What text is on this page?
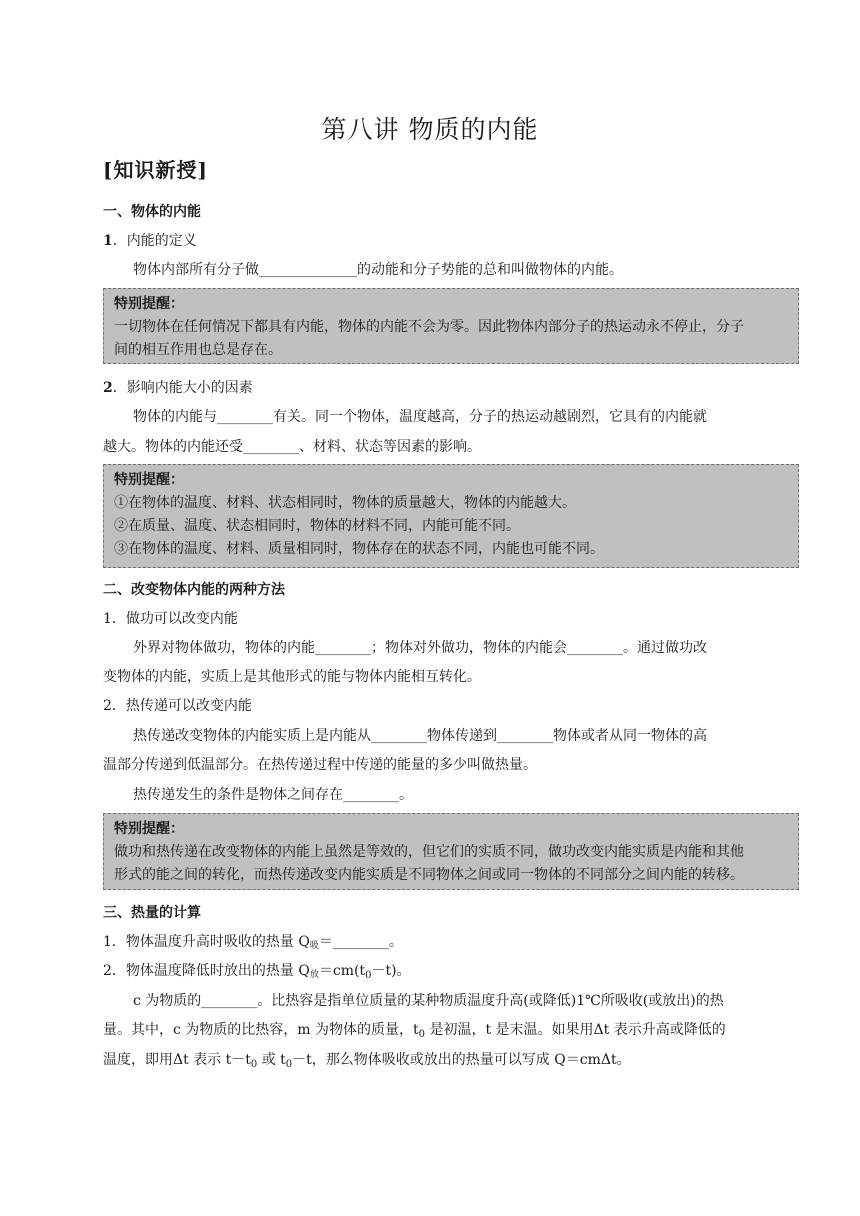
第八讲 物质的内能
[知识新授]
一、物体的内能
1．内能的定义
物体内部所有分子做______________的动能和分子势能的总和叫做物体的内能。
特别提醒：
一切物体在任何情况下都具有内能，物体的内能不会为零。因此物体内部分子的热运动永不停止，分子
间的相互作用也总是存在。
2．影响内能大小的因素
物体的内能与________有关。同一个物体，温度越高，分子的热运动越剧烈，它具有的内能就
越大。物体的内能还受________、材料、状态等因素的影响。
特别提醒：
①在物体的温度、材料、状态相同时，物体的质量越大，物体的内能越大。
②在质量、温度、状态相同时，物体的材料不同，内能可能不同。
③在物体的温度、材料、质量相同时，物体存在的状态不同，内能也可能不同。
二、改变物体内能的两种方法
1．做功可以改变内能
外界对物体做功，物体的内能________；物体对外做功，物体的内能会________。通过做功改
变物体的内能，实质上是其他形式的能与物体内能相互转化。
2．热传递可以改变内能
热传递改变物体的内能实质上是内能从________物体传递到________物体或者从同一物体的高
温部分传递到低温部分。在热传递过程中传递的能量的多少叫做热量。
热传递发生的条件是物体之间存在________。
特别提醒：
做功和热传递在改变物体的内能上虽然是等效的，但它们的实质不同，做功改变内能实质是内能和其他
形式的能之间的转化，而热传递改变内能实质是不同物体之间或同一物体的不同部分之间内能的转移。
三、热量的计算
1．物体温度升高时吸收的热量 $Q_吸=\_\_\_\_\_\_\_\_$。
2．物体温度降低时放出的热量 $Q_放=cm(t_0-t)$。
c 为物质的________。比热容是指单位质量的某种物质温度升高(或降低)1℃所吸收(或放出)的热
量。其中，c 为物质的比热容，m 为物体的质量，$t_0$ 是初温，t 是末温。如果用Δt 表示升高或降低的
温度，即用Δt 表示 $t-t_0$ 或 $t_0-t$，那么物体吸收或放出的热量可以写成 Q＝cmΔt。
